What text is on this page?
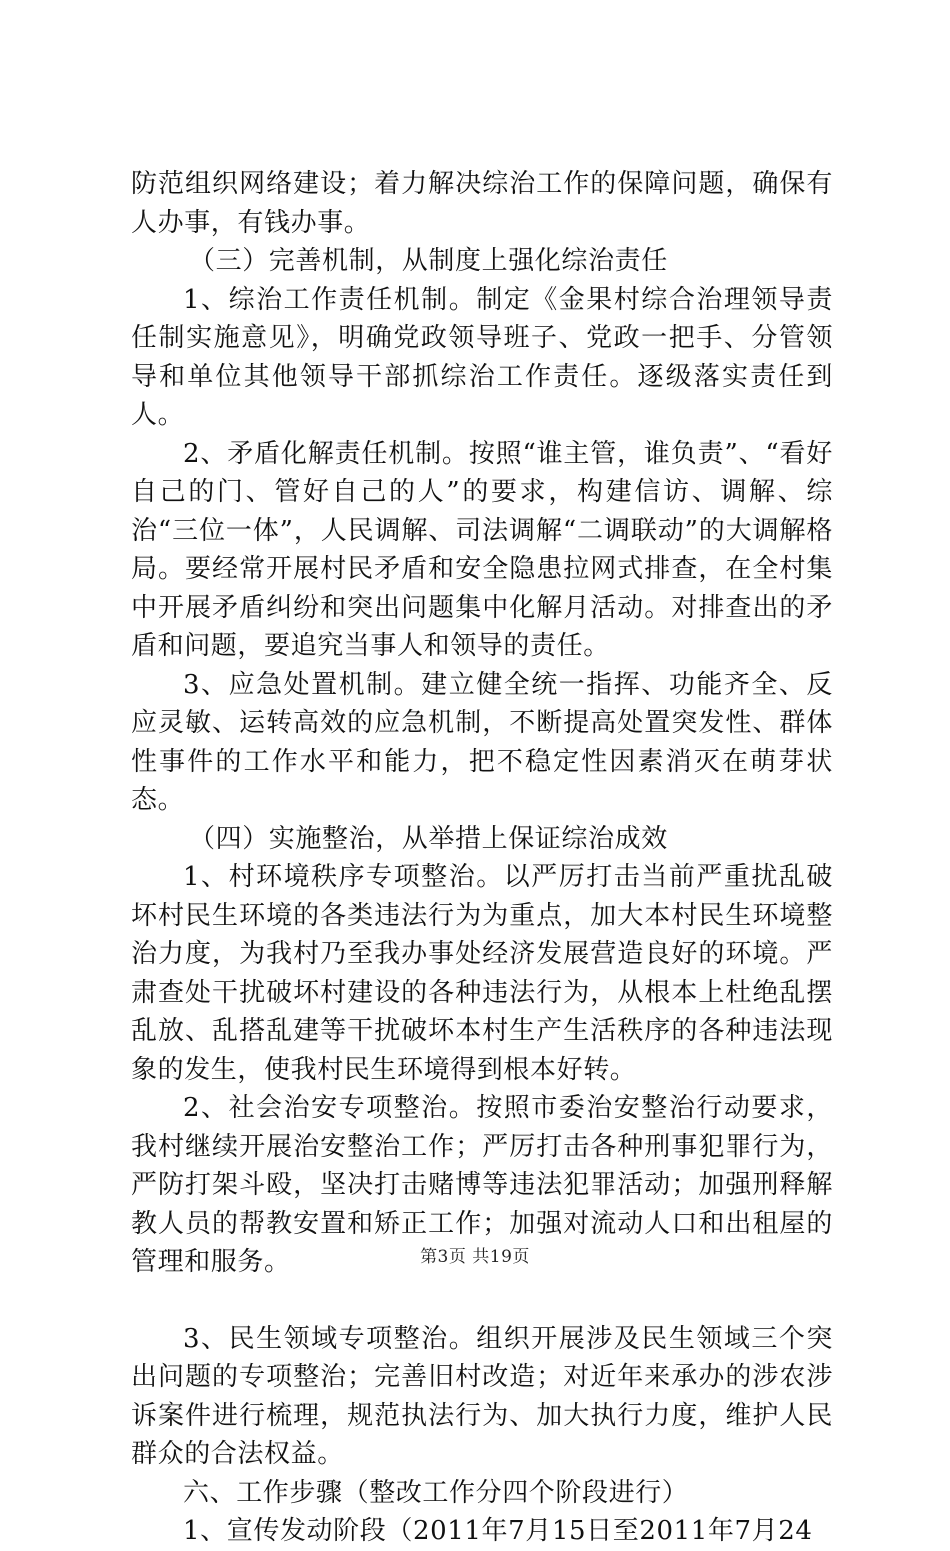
防范组织网络建设；着力解决综治工作的保障问题，确保有人办事，有钱办事。

（三）完善机制，从制度上强化综治责任

1、综治工作责任机制。制定《金果村综合治理领导责任制实施意见》，明确党政领导班子、党政一把手、分管领导和单位其他领导干部抓综治工作责任。逐级落实责任到人。

2、矛盾化解责任机制。按照“谁主管，谁负责”、“看好自己的门、管好自己的人”的要求，构建信访、调解、综治“三位一体”，人民调解、司法调解“二调联动”的大调解格局。要经常开展村民矛盾和安全隐患拉网式排查，在全村集中开展矛盾纠纷和突出问题集中化解月活动。对排查出的矛盾和问题，要追究当事人和领导的责任。

3、应急处置机制。建立健全统一指挥、功能齐全、反应灵敏、运转高效的应急机制，不断提高处置突发性、群体性事件的工作水平和能力，把不稳定性因素消灭在萌芽状态。

（四）实施整治，从举措上保证综治成效

1、村环境秩序专项整治。以严厉打击当前严重扰乱破坏村民生环境的各类违法行为为重点，加大本村民生环境整治力度，为我村乃至我办事处经济发展营造良好的环境。严肃查处干扰破坏村建设的各种违法行为，从根本上杜绝乱摆乱放、乱搭乱建等干扰破坏本村生产生活秩序的各种违法现象的发生，使我村民生环境得到根本好转。

2、社会治安专项整治。按照市委治安整治行动要求，我村继续开展治安整治工作；严厉打击各种刑事犯罪行为，严防打架斗殴，坚决打击赌博等违法犯罪活动；加强刑释解教人员的帮教安置和矫正工作；加强对流动人口和出租屋的管理和服务。

3、民生领域专项整治。组织开展涉及民生领域三个突出问题的专项整治；完善旧村改造；对近年来承办的涉农涉诉案件进行梳理，规范执法行为、加大执行力度，维护人民群众的合法权益。

六、工作步骤（整改工作分四个阶段进行）

1、宣传发动阶段（2011年7月15日至2011年7月24

第3页 共19页
